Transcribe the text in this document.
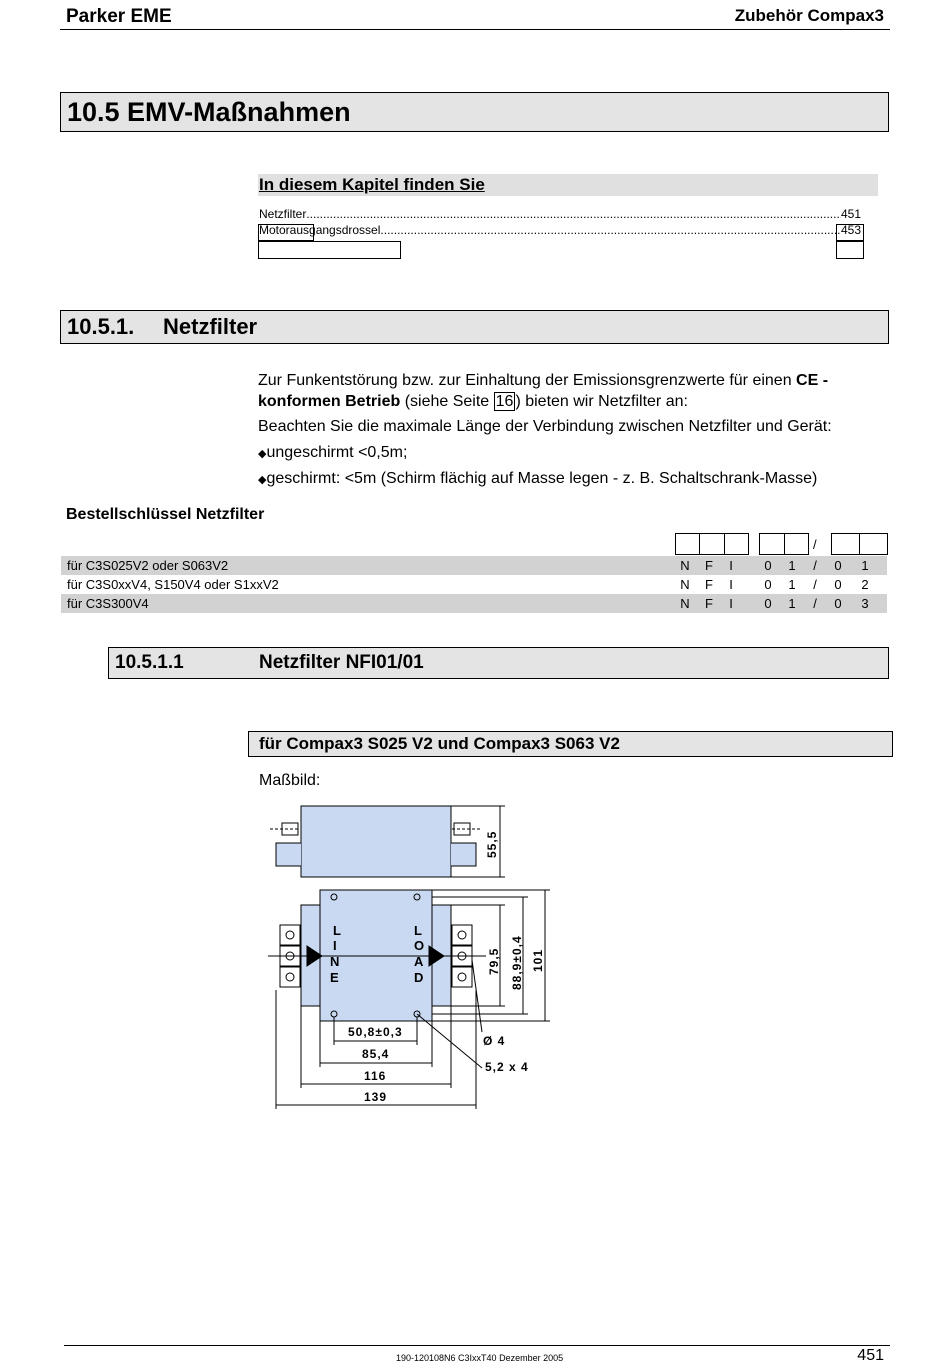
Parker EME	Zubehör Compax3
10.5 EMV-Maßnahmen
In diesem Kapitel finden Sie
Netzfilter .....	451
Motorausgangsdrossel .....	453
10.5.1. Netzfilter
Zur Funkentstörung bzw. zur Einhaltung der Emissionsgrenzwerte für einen CE - konformen Betrieb (siehe Seite 16 ) bieten wir Netzfilter an:
Beachten Sie die maximale Länge der Verbindung zwischen Netzfilter und Gerät:
◆ungeschirmt <0,5m;
◆geschirmt: <5m (Schirm flächig auf Masse legen - z. B. Schaltschrank-Masse)
Bestellschlüssel Netzfilter
/
für C3S025V2 oder S063V2	N F	I	0 1	/	0 1
für C3S0xxV4, S150V4 oder S1xxV2	N F	I	0 1	/	0 2
für C3S300V4	N F	I	0 1	/	0 3
10.5.1.1	Netzfilter NFI01/01
für Compax3 S025 V2 und Compax3 S063 V2
Maßbild:
L
I
N
E
L
O
A
D
55,5
79,5 88,9±0,4 101
50,8±0,3
85,4
116
139
Ø 4
5,2 x 4
190-120108N6 C3IxxT40 Dezember 2005	451
